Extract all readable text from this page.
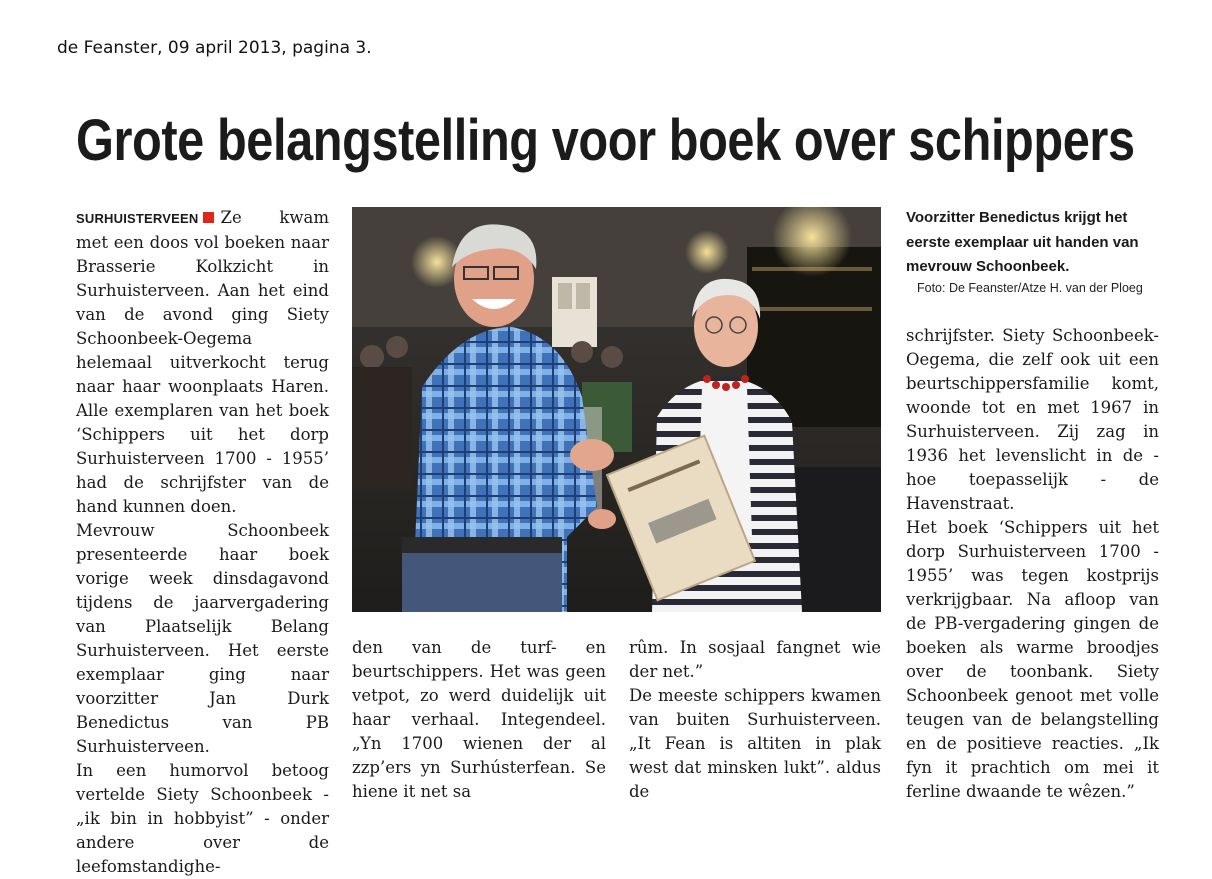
de Feanster, 09 april 2013, pagina 3.
Grote belangstelling voor boek over schippers

SURHUISTERVEEN Ze kwam met een doos vol boeken naar Brasserie Kolkzicht in Surhuisterveen. Aan het eind van de avond ging Siety Schoonbeek-Oegema helemaal uitverkocht terug naar haar woonplaats Haren. Alle exemplaren van het boek ‘Schippers uit het dorp Surhuisterveen 1700 - 1955’ had de schrijfster van de hand kunnen doen.

Mevrouw Schoonbeek presenteerde haar boek vorige week dinsdagavond tijdens de jaarvergadering van Plaatselijk Belang Surhuisterveen. Het eerste exemplaar ging naar voorzitter Jan Durk Benedictus van PB Surhuisterveen.

In een humorvol betoog vertelde Siety Schoonbeek - „ik bin in hobbyist” - onder andere over de leefomstandighe-

Voorzitter Benedictus krijgt het eerste exemplaar uit handen van mevrouw Schoonbeek.
Foto: De Feanster/Atze H. van der Ploeg

den van de turf- en beurtschippers. Het was geen vetpot, zo werd duidelijk uit haar verhaal. Integendeel. „Yn 1700 wienen der al zzp’ers yn Surhústerfean. Se hiene it net sa

rûm. In sosjaal fangnet wie der net.”

De meeste schippers kwamen van buiten Surhuisterveen. „It Fean is altiten in plak west dat minsken lukt”. aldus de

schrijfster. Siety Schoonbeek-Oegema, die zelf ook uit een beurtschippersfamilie komt, woonde tot en met 1967 in Surhuisterveen. Zij zag in 1936 het levenslicht in de - hoe toepasselijk - de Havenstraat.

Het boek ‘Schippers uit het dorp Surhuisterveen 1700 - 1955’ was tegen kostprijs verkrijgbaar. Na afloop van de PB-vergadering gingen de boeken als warme broodjes over de toonbank. Siety Schoonbeek genoot met volle teugen van de belangstelling en de positieve reacties. „Ik fyn it prachtich om mei it ferline dwaande te wêzen.”
